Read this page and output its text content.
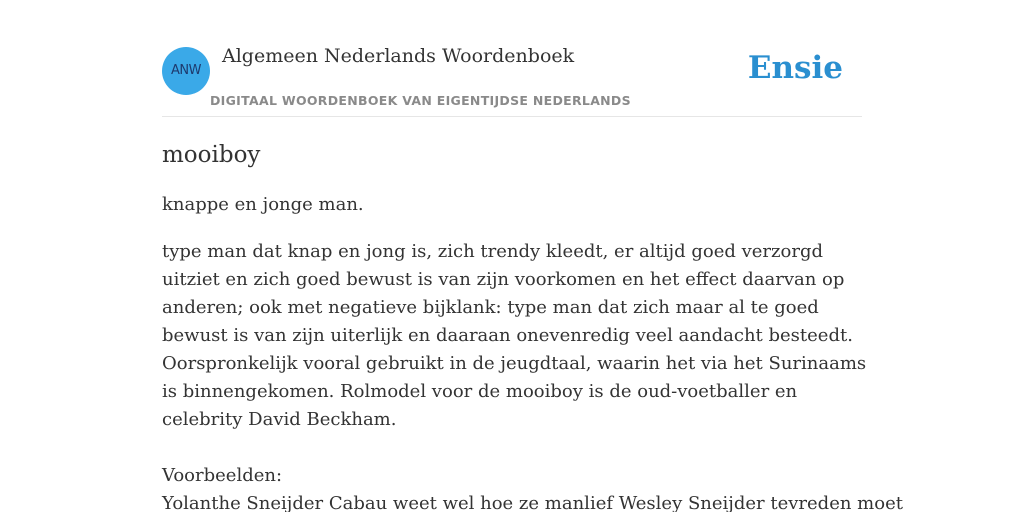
ANW
Algemeen Nederlands Woordenboek
DIGITAAL WOORDENBOEK VAN EIGENTIJDSE NEDERLANDS
Ensie
mooiboy

knappe en jonge man.

type man dat knap en jong is, zich trendy kleedt, er altijd goed verzorgd uitziet en zich goed bewust is van zijn voorkomen en het effect daarvan op anderen; ook met negatieve bijklank: type man dat zich maar al te goed bewust is van zijn uiterlijk en daaraan onevenredig veel aandacht besteedt.
Oorspronkelijk vooral gebruikt in de jeugdtaal, waarin het via het Surinaams is binnengekomen. Rolmodel voor de mooiboy is de oud-voetballer en celebrity David Beckham.

Voorbeelden:

Yolanthe Sneijder Cabau weet wel hoe ze manlief Wesley Sneijder tevreden moet
